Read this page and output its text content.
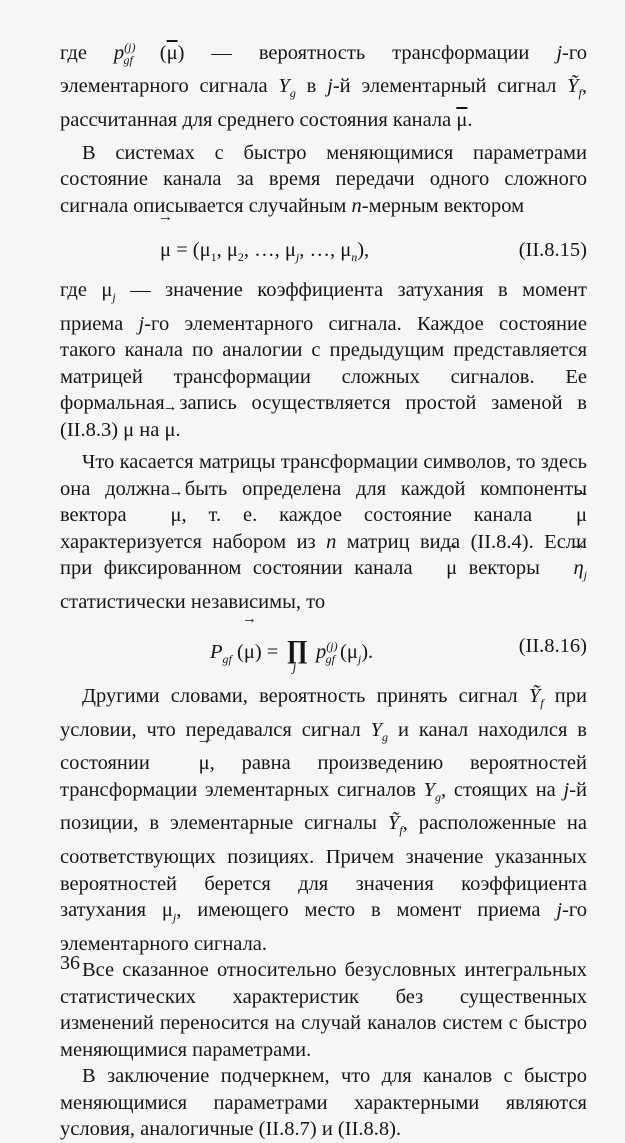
где $p^{(j)}_{gf}$ $(\overline{\mu})$ — вероятность трансформации j-го элементарного сигнала $Y_g$ в j-й элементарный сигнал Ỹ$_f$, рассчитанная для среднего состояния канала $\overline{\mu}$.

В системах с быстро меняющимися параметрами состояние канала за время передачи одного сложного сигнала описывается случайным n-мерным вектором

→ $\mu = (\mu_1$, $\mu_2$, …, $\mu_j$, …, $\mu_n$),	(II.8.15)

где $\mu_j$ — значение коэффициента затухания в момент приема j-го элементарного сигнала. Каждое состояние такого канала по аналогии с предыдущим представляется матрицей трансформации сложных сигналов. Ее формальная запись осуществляется простой заменой в (II.8.3) μ на → μ.

Что касается матрицы трансформации символов, то здесь она должна быть определена для каждой компоненты вектора → μ, т. е. каждое состояние канала → μ характеризуется набором из n матриц вида (II.8.4). Если при фиксированном состоянии канала → μ векторы → $\eta_j$ статистически независимы, то

$P_{gf}$ (→ μ) = ∏
j
$p^{(j)}_{gf}$ $(\mu_j)$.	(II.8.16)

Другими словами, вероятность принять сигнал Ỹ$_f$ при условии, что передавался сигнал $Y_g$ и канал находился в состоянии → μ, равна произведению вероятностей трансформации элементарных сигналов $Y_g$, стоящих на j-й позиции, в элементарные сигналы Ỹ$_f$, расположенные на соответствующих позициях. Причем значение указанных вероятностей берется для значения коэффициента затухания $\mu_j$, имеющего место в момент приема j-го элементарного сигнала.

Все сказанное относительно безусловных интегральных статистических характеристик без существенных изменений переносится на случай каналов систем с быстро меняющимися параметрами.

В заключение подчеркнем, что для каналов с быстро меняющимися параметрами характерными являются условия, аналогичные (II.8.7) и (II.8.8).

36
